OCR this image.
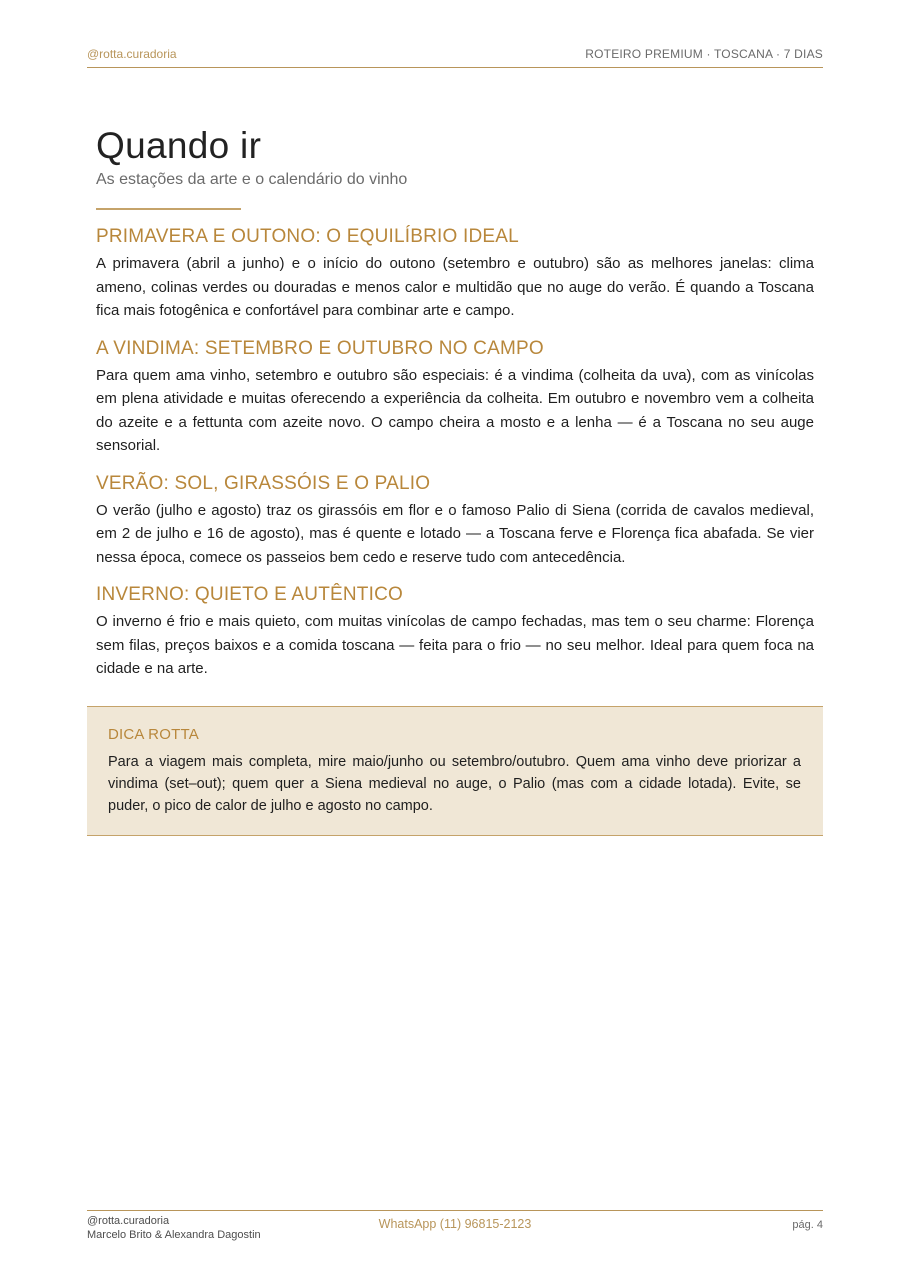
@rotta.curadoria	ROTEIRO PREMIUM · TOSCANA · 7 DIAS
Quando ir
As estações da arte e o calendário do vinho
PRIMAVERA E OUTONO: O EQUILÍBRIO IDEAL

A primavera (abril a junho) e o início do outono (setembro e outubro) são as melhores janelas: clima ameno, colinas verdes ou douradas e menos calor e multidão que no auge do verão. É quando a Toscana fica mais fotogênica e confortável para combinar arte e campo.

A VINDIMA: SETEMBRO E OUTUBRO NO CAMPO

Para quem ama vinho, setembro e outubro são especiais: é a vindima (colheita da uva), com as vinícolas em plena atividade e muitas oferecendo a experiência da colheita. Em outubro e novembro vem a colheita do azeite e a fettunta com azeite novo. O campo cheira a mosto e a lenha — é a Toscana no seu auge sensorial.

VERÃO: SOL, GIRASSÓIS E O PALIO

O verão (julho e agosto) traz os girassóis em flor e o famoso Palio di Siena (corrida de cavalos medieval, em 2 de julho e 16 de agosto), mas é quente e lotado — a Toscana ferve e Florença fica abafada. Se vier nessa época, comece os passeios bem cedo e reserve tudo com antecedência.

INVERNO: QUIETO E AUTÊNTICO

O inverno é frio e mais quieto, com muitas vinícolas de campo fechadas, mas tem o seu charme: Florença sem filas, preços baixos e a comida toscana — feita para o frio — no seu melhor. Ideal para quem foca na cidade e na arte.

DICA ROTTA

Para a viagem mais completa, mire maio/junho ou setembro/outubro. Quem ama vinho deve priorizar a vindima (set–out); quem quer a Siena medieval no auge, o Palio (mas com a cidade lotada). Evite, se puder, o pico de calor de julho e agosto no campo.

@rotta.curadoria
Marcelo Brito & Alexandra Dagostin
WhatsApp (11) 96815-2123	pág. 4
